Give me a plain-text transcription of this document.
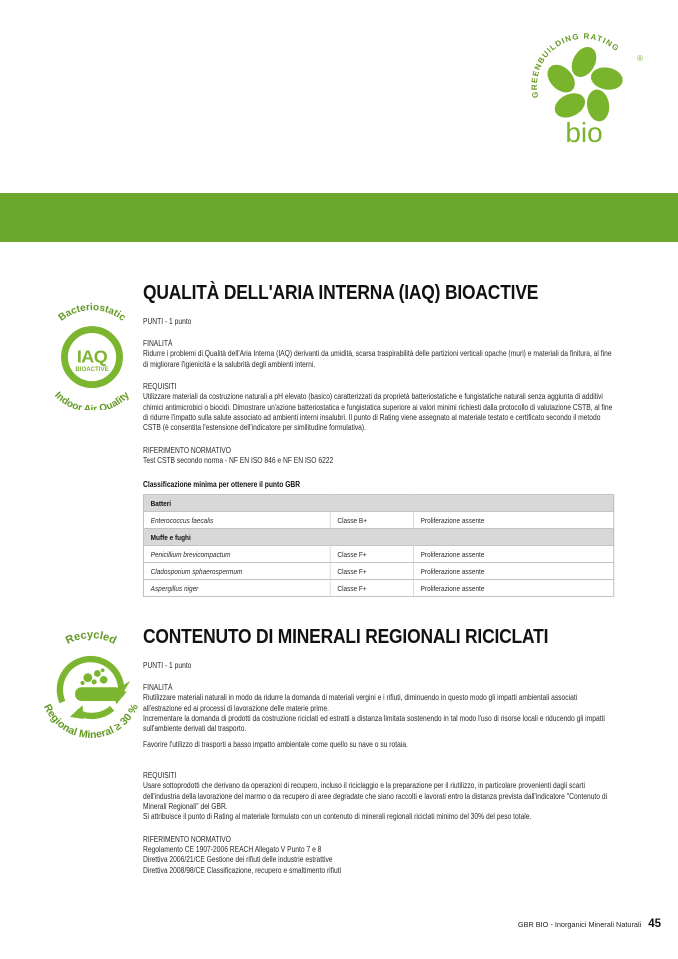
GREENBUILDING RATING
®
bio
IAQ
BIOACTIVE
Bacteriostatic
Indoor Air Quality
Recycled
Regional Mineral ≥ 30 %
QUALITÀ DELL'ARIA INTERNA (IAQ) BIOACTIVE
PUNTI - 1 punto
FINALITÀ

Ridurre i problemi di Qualità dell'Aria Interna (IAQ) derivanti da umidità, scarsa traspirabilità delle partizioni verticali opache (muri) e materiali da finitura, al fine di migliorare l'igienicità e la salubrità degli ambienti interni.

REQUISITI

Utilizzare materiali da costruzione naturali a pH elevato (basico) caratterizzati da proprietà batteriostatiche e fungistatiche naturali senza aggiunta di additivi chimici antimicrobici o biocidi. Dimostrare un'azione batteriostatica e fungistatica superiore ai valori minimi richiesti dalla protocollo di valutazione CSTB, al fine di ridurre l'impatto sulla salute associato ad ambienti interni insalubri. Il punto di Rating viene assegnato al materiale testato e certificato secondo il metodo CSTB (è consentita l'estensione dell'indicatore per similitudine formulativa).

RIFERIMENTO NORMATIVO

Test CSTB secondo norma - NF EN ISO 846 e NF EN ISO 6222

Classificazione minima per ottenere il punto GBR
Batteri		
Enterococcus faecalis	Classe B+	Proliferazione assente
Muffe e fughi		
Penicillium brevicompactum	Classe F+	Proliferazione assente
Cladosporium sphaerospermum	Classe F+	Proliferazione assente
Aspergillus niger	Classe F+	Proliferazione assente
CONTENUTO DI MINERALI REGIONALI RICICLATI
PUNTI - 1 punto
FINALITÀ

Riutilizzare materiali naturali in modo da ridurre la domanda di materiali vergini e i rifiuti, diminuendo in questo modo gli impatti ambientali associati all'estrazione ed ai processi di lavorazione delle materie prime.

Incrementare la domanda di prodotti da costruzione riciclati ed estratti a distanza limitata sostenendo in tal modo l'uso di risorse locali e riducendo gli impatti sull'ambiente derivati dal trasporto.

Favorire l'utilizzo di trasporti a basso impatto ambientale come quello su nave o su rotaia.

REQUISITI

Usare sottoprodotti che derivano da operazioni di recupero, incluso il riciclaggio e la preparazione per il riutilizzo, in particolare provenienti dagli scarti dell'industria della lavorazione del marmo o da recupero di aree degradate che siano raccolti e lavorati entro la distanza prevista dall'indicatore "Contenuto di Minerali Regionali" del GBR.

Si attribuisce il punto di Rating al materiale formulato con un contenuto di minerali regionali riciclati minimo del 30% del peso totale.

RIFERIMENTO NORMATIVO

Regolamento CE 1907-2006 REACH Allegato V Punto 7 e 8

Direttiva 2006/21/CE Gestione dei rifiuti delle industrie estrattive

Direttiva 2008/98/CE Classificazione, recupero e smaltimento rifiuti

GBR BIO - Inorganici Minerali Naturali 45
